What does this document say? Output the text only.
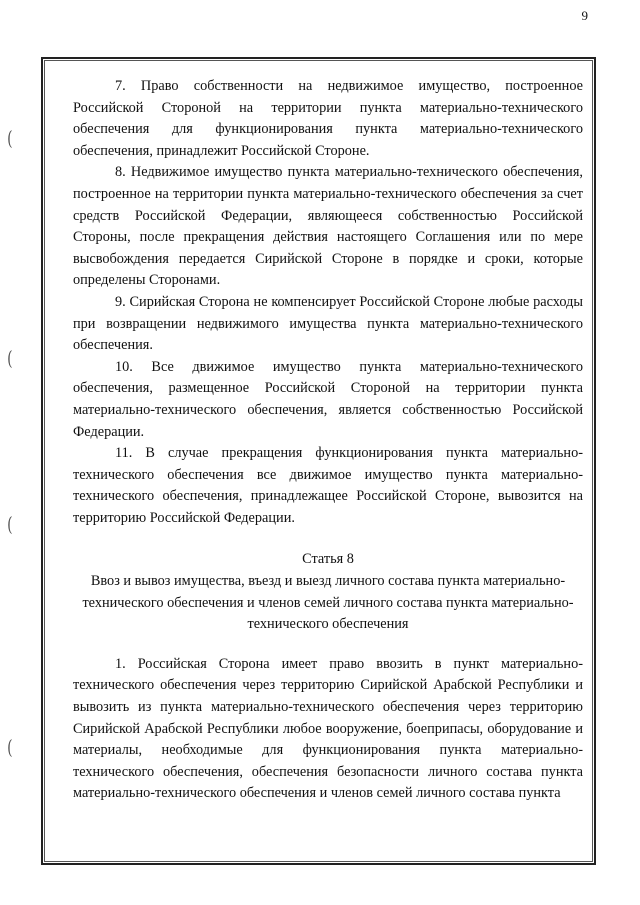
9
(
(
(
(

7. Право собственности на недвижимое имущество, построенное Российской Стороной на территории пункта материально-технического обеспечения для функционирования пункта материально-технического обеспечения, принадлежит Российской Стороне.

8. Недвижимое имущество пункта материально-технического обеспечения, построенное на территории пункта материально-технического обеспечения за счет средств Российской Федерации, являющееся собственностью Российской Стороны, после прекращения действия настоящего Соглашения или по мере высвобождения передается Сирийской Стороне в порядке и сроки, которые определены Сторонами.

9. Сирийская Сторона не компенсирует Российской Стороне любые расходы при возвращении недвижимого имущества пункта материально-технического обеспечения.

10. Все движимое имущество пункта материально-технического обеспечения, размещенное Российской Стороной на территории пункта материально-технического обеспечения, является собственностью Российской Федерации.

11. В случае прекращения функционирования пункта материально-технического обеспечения все движимое имущество пункта материально-технического обеспечения, принадлежащее Российской Стороне, вывозится на территорию Российской Федерации.

Статья 8

Ввоз и вывоз имущества, въезд и выезд личного состава пункта материально-технического обеспечения и членов семей личного состава пункта материально-технического обеспечения

1. Российская Сторона имеет право ввозить в пункт материально-технического обеспечения через территорию Сирийской Арабской Республики и вывозить из пункта материально-технического обеспечения через территорию Сирийской Арабской Республики любое вооружение, боеприпасы, оборудование и материалы, необходимые для функционирования пункта материально-технического обеспечения, обеспечения безопасности личного состава пункта материально-технического обеспечения и членов семей личного состава пункта
